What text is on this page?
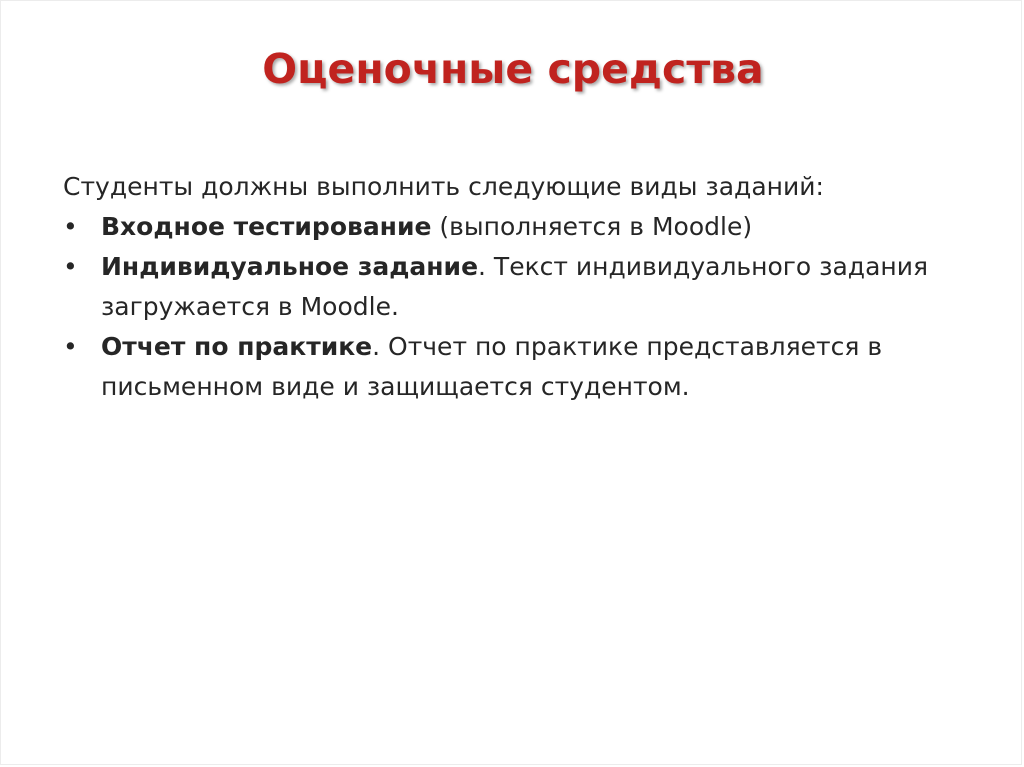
Оценочные средства
Студенты должны выполнить следующие виды заданий:
• Входное тестирование (выполняется в Moodle)
• Индивидуальное задание. Текст индивидуального задания загружается в Moodle.
• Отчет по практике. Отчет по практике представляется в письменном виде и защищается студентом.
